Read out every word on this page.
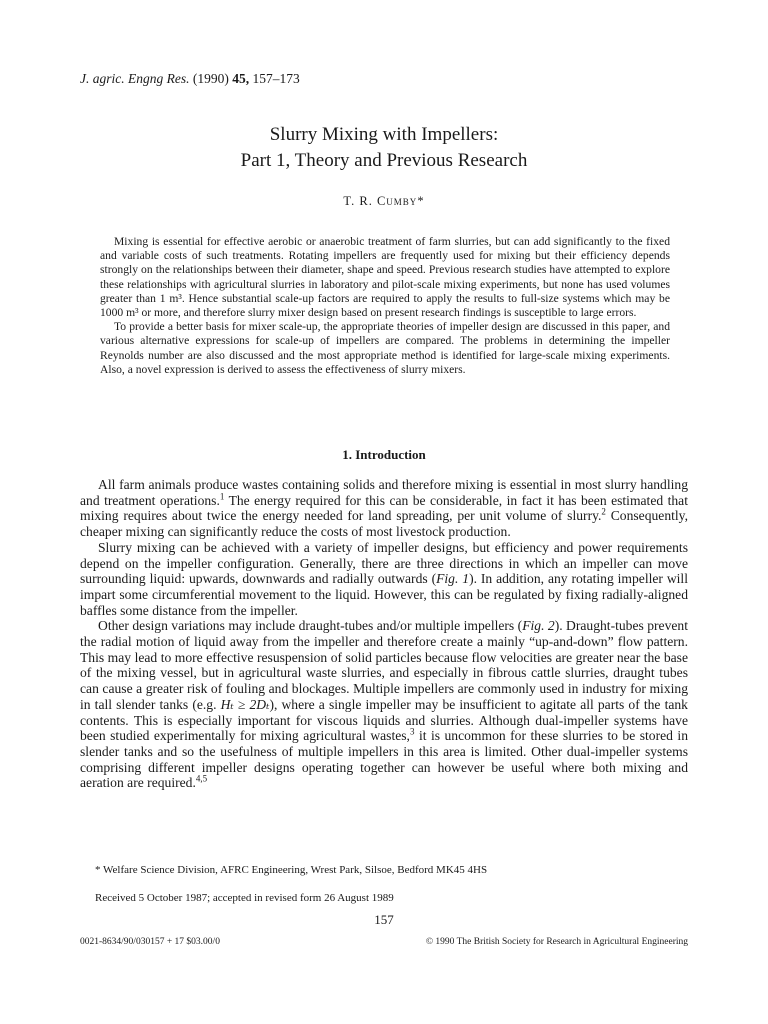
J. agric. Engng Res. (1990) 45, 157–173
Slurry Mixing with Impellers:
Part 1, Theory and Previous Research
T. R. Cumby*

Mixing is essential for effective aerobic or anaerobic treatment of farm slurries, but can add significantly to the fixed and variable costs of such treatments. Rotating impellers are frequently used for mixing but their efficiency depends strongly on the relationships between their diameter, shape and speed. Previous research studies have attempted to explore these relationships with agricultural slurries in laboratory and pilot-scale mixing experiments, but none has used volumes greater than 1 m³. Hence substantial scale-up factors are required to apply the results to full-size systems which may be 1000 m³ or more, and therefore slurry mixer design based on present research findings is susceptible to large errors.

To provide a better basis for mixer scale-up, the appropriate theories of impeller design are discussed in this paper, and various alternative expressions for scale-up of impellers are compared. The problems in determining the impeller Reynolds number are also discussed and the most appropriate method is identified for large-scale mixing experiments. Also, a novel expression is derived to assess the effectiveness of slurry mixers.

1. Introduction

All farm animals produce wastes containing solids and therefore mixing is essential in most slurry handling and treatment operations.$^1$ The energy required for this can be considerable, in fact it has been estimated that mixing requires about twice the energy needed for land spreading, per unit volume of slurry.$^2$ Consequently, cheaper mixing can significantly reduce the costs of most livestock production.

Slurry mixing can be achieved with a variety of impeller designs, but efficiency and power requirements depend on the impeller configuration. Generally, there are three directions in which an impeller can move surrounding liquid: upwards, downwards and radially outwards (Fig. 1). In addition, any rotating impeller will impart some circumferential movement to the liquid. However, this can be regulated by fixing radially-aligned baffles some distance from the impeller.

Other design variations may include draught-tubes and/or multiple impellers (Fig. 2). Draught-tubes prevent the radial motion of liquid away from the impeller and therefore create a mainly “up-and-down” flow pattern. This may lead to more effective resuspension of solid particles because flow velocities are greater near the base of the mixing vessel, but in agricultural waste slurries, and especially in fibrous cattle slurries, draught tubes can cause a greater risk of fouling and blockages. Multiple impellers are commonly used in industry for mixing in tall slender tanks (e.g. Hₜ ≥ 2Dₜ), where a single impeller may be insufficient to agitate all parts of the tank contents. This is especially important for viscous liquids and slurries. Although dual-impeller systems have been studied experimentally for mixing agricultural wastes,$^3$ it is uncommon for these slurries to be stored in slender tanks and so the usefulness of multiple impellers in this area is limited. Other dual-impeller systems comprising different impeller designs operating together can however be useful where both mixing and aeration are required.$^{4,5}$

* Welfare Science Division, AFRC Engineering, Wrest Park, Silsoe, Bedford MK45 4HS
Received 5 October 1987; accepted in revised form 26 August 1989
157
0021-8634/90/030157 + 17 $03.00/0	© 1990 The British Society for Research in Agricultural Engineering
